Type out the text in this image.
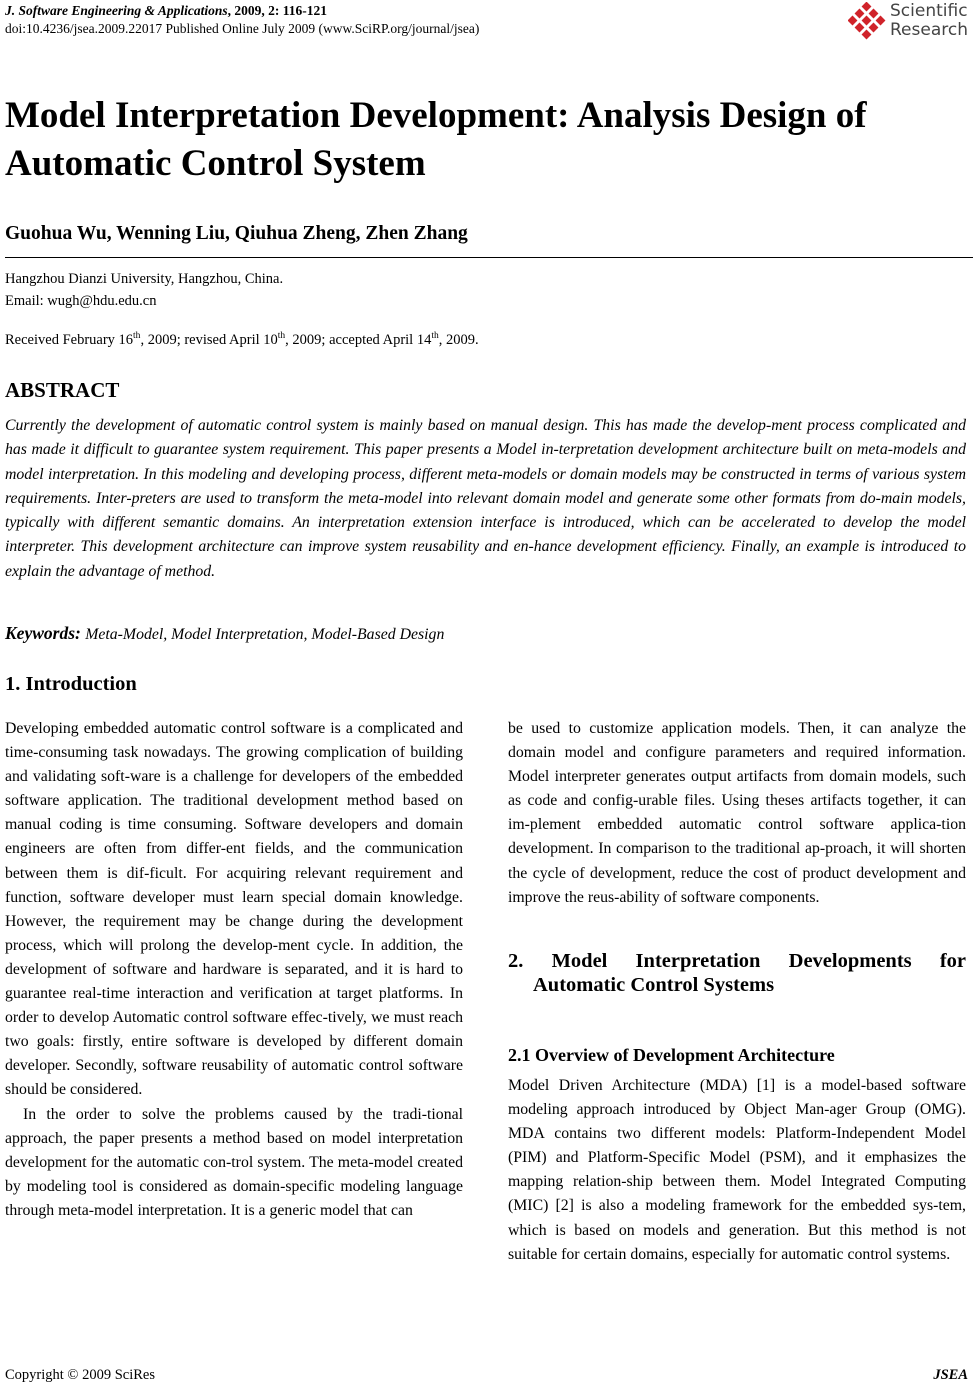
J. Software Engineering & Applications, 2009, 2: 116-121
doi:10.4236/jsea.2009.22017 Published Online July 2009 (www.SciRP.org/journal/jsea)
Scientific
Research
Model Interpretation Development: Analysis Design of Automatic Control System
Guohua Wu, Wenning Liu, Qiuhua Zheng, Zhen Zhang
Hangzhou Dianzi University, Hangzhou, China.
Email: wugh@hdu.edu.cn
Received February 16th, 2009; revised April 10th, 2009; accepted April 14th, 2009.
ABSTRACT
Currently the development of automatic control system is mainly based on manual design. This has made the develop-ment process complicated and has made it difficult to guarantee system requirement. This paper presents a Model in-terpretation development architecture built on meta-models and model interpretation. In this modeling and developing process, different meta-models or domain models may be constructed in terms of various system requirements. Inter-preters are used to transform the meta-model into relevant domain model and generate some other formats from do-main models, typically with different semantic domains. An interpretation extension interface is introduced, which can be accelerated to develop the model interpreter. This development architecture can improve system reusability and en-hance development efficiency. Finally, an example is introduced to explain the advantage of method.
Keywords: Meta-Model, Model Interpretation, Model-Based Design
1. Introduction

Developing embedded automatic control software is a complicated and time-consuming task nowadays. The growing complication of building and validating soft-ware is a challenge for developers of the embedded software application. The traditional development method based on manual coding is time consuming. Software developers and domain engineers are often from differ-ent fields, and the communication between them is dif-ficult. For acquiring relevant requirement and function, software developer must learn special domain knowledge. However, the requirement may be change during the development process, which will prolong the develop-ment cycle. In addition, the development of software and hardware is separated, and it is hard to guarantee real-time interaction and verification at target platforms. In order to develop Automatic control software effec-tively, we must reach two goals: firstly, entire software is developed by different domain developer. Secondly, software reusability of automatic control software should be considered.

In the order to solve the problems caused by the tradi-tional approach, the paper presents a method based on model interpretation development for the automatic con-trol system. The meta-model created by modeling tool is considered as domain-specific modeling language through meta-model interpretation. It is a generic model that can

be used to customize application models. Then, it can analyze the domain model and configure parameters and required information. Model interpreter generates output artifacts from domain models, such as code and config-urable files. Using theses artifacts together, it can im-plement embedded automatic control software applica-tion development. In comparison to the traditional ap-proach, it will shorten the cycle of development, reduce the cost of product development and improve the reus-ability of software components.

2. Model Interpretation Developments for
Automatic Control Systems
2.1 Overview of Development Architecture

Model Driven Architecture (MDA) [1] is a model-based software modeling approach introduced by Object Man-ager Group (OMG). MDA contains two different models: Platform-Independent Model (PIM) and Platform-Specific Model (PSM), and it emphasizes the mapping relation-ship between them. Model Integrated Computing (MIC) [2] is also a modeling framework for the embedded sys-tem, which is based on models and generation. But this method is not suitable for certain domains, especially for automatic control systems.

Copyright © 2009 SciRes	JSEA
